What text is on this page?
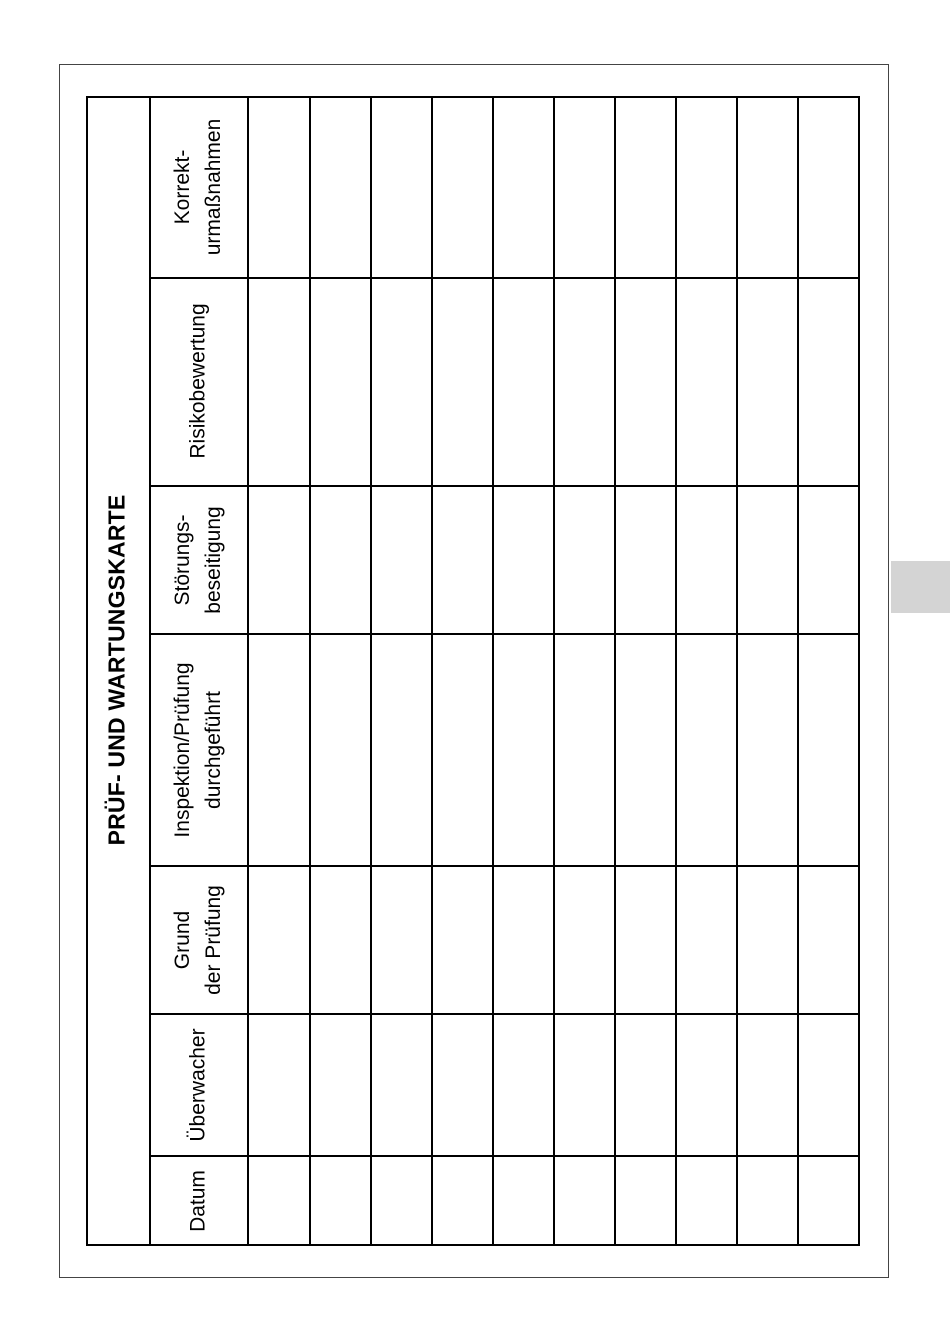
PRÜF- UND WARTUNGSKARTE
Datum
Überwacher
Grund
der Prüfung
Inspektion/Prüfung
durchgeführt
Störungs-
beseitigung
Risikobewertung
Korrekt-
urmaßnahmen
